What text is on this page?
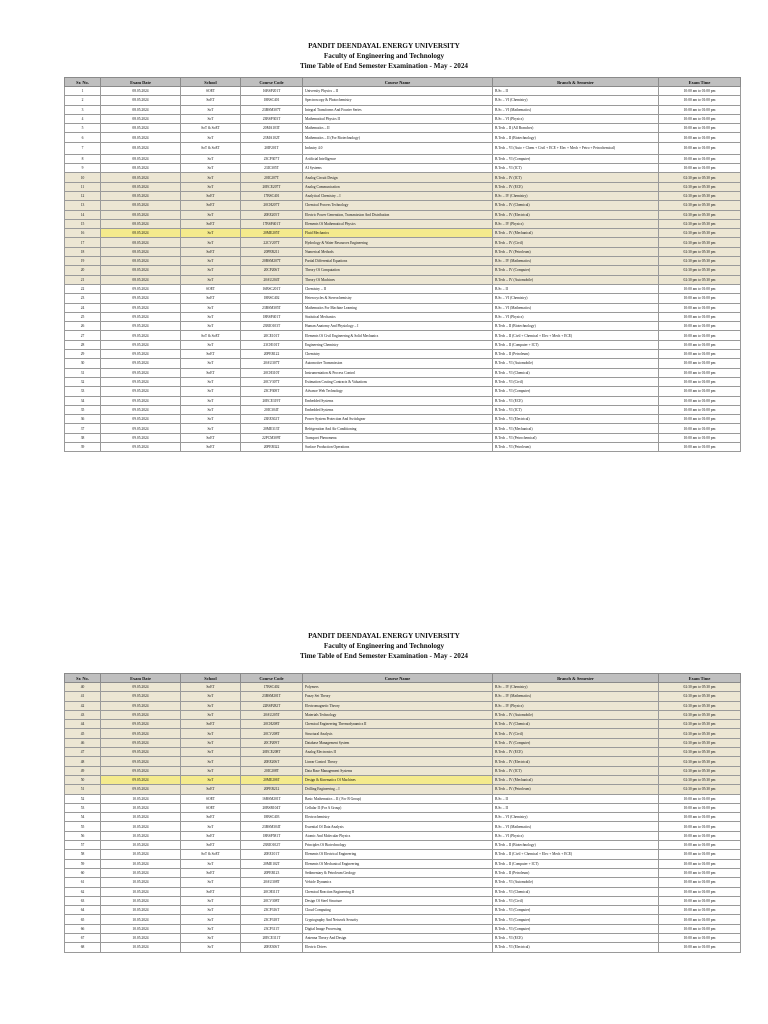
PANDIT DEENDAYAL ENERGY UNIVERSITY
Faculty of Engineering and Technology
Time Table of End Semester Examination - May - 2024
Sr. No.	Exam Date	School	Course Code	Course Name	Branch & Semester	Exam Time
1	08.05.2024	SOET	16BSP201T	University Physics – II	B.Sc – II	10:00 am to 01:00 pm
2	08.05.2024	SoET	18BSC401	Spectroscopy & Photochemistry	B.Sc – VI (Chemistry)	10:00 am to 01:00 pm
3	08.05.2024	SoT	23BSM307T	Integral Transforms And Fourier Series	B.Sc – VI (Mathematics)	10:00 am to 01:00 pm
4	08.05.2024	SoT	23BSP303T	Mathematical Physics II	B.Sc – VI (Physics)	10:00 am to 01:00 pm
5	08.05.2024	SoT & SoET	20MA103T	Mathematics – II	B.Tech – II (All Branches)	10:00 am to 01:00 pm
6	08.05.2024	SoT	23MA102T	Mathematics – II (For Biotechnology)	B.Tech – II (Biotechnology)	10:00 am to 01:00 pm
7	08.05.2024	SoT & SoET	20IF201T	Industry 4.0	B.Tech – VI (Auto + Chem + Civil + ECE + Elec + Mech + Petro + Petrochemical)	10:00 am to 01:00 pm
8	08.05.2024	SoT	23CP307T	Artificial Intelligence	B.Tech – VI (Computer)	10:00 am to 01:00 pm
9	08.05.2024	SoT	23IC305T	AI Systems	B.Tech – VI (ICT)	10:00 am to 01:00 pm
10	08.05.2024	SoT	20IC207T	Analog Circuit Design	B.Tech – IV (ICT)	02:30 pm to 05:30 pm
11	08.05.2024	SoT	20ECE207T	Analog Communication	B.Tech – IV (ECE)	02:30 pm to 05:30 pm
12	08.05.2024	SoET	17BSC401	Analytical Chemistry – I	B.Sc – IV (Chemistry)	02:30 pm to 05:30 pm
13	08.05.2024	SoET	20CH207T	Chemical Process Technology	B.Tech – IV (Chemical)	02:30 pm to 05:30 pm
14	08.05.2024	SoT	20EE205T	Electric Power Generation, Transmission And Distribution	B.Tech – IV (Electrical)	02:30 pm to 05:30 pm
15	08.05.2024	SoET	17BSP401T	Elements Of Mathematical Physics	B.Sc – IV (Physics)	02:30 pm to 05:30 pm
16	08.05.2024	SoT	20ME205T	Fluid Mechanics	B.Tech – IV (Mechanical)	02:30 pm to 05:30 pm
17	08.05.2024	SoT	22CV207T	Hydrology & Water Resources Engineering	B.Tech – IV (Civil)	02:30 pm to 05:30 pm
18	08.05.2024	SoET	20PEB211	Numerical Methods	B.Tech – IV (Petroleum)	02:30 pm to 05:30 pm
19	08.05.2024	SoT	20BSM207T	Partial Differential Equations	B.Sc – IV (Mathematics)	02:30 pm to 05:30 pm
20	08.05.2024	SoT	20CP206T	Theory Of Computation	B.Tech – IV (Computer)	02:30 pm to 05:30 pm
21	08.05.2024	SoT	20AU204T	Theory Of Machines	B.Tech – IV (Automobile)	02:30 pm to 05:30 pm
22	09.05.2024	SOET	16BSC201T	Chemistry – II	B.Sc – II	10:00 am to 01:00 pm
23	09.05.2024	SoET	18BSC402	Heterocycles & Stereochemistry	B.Sc – VI (Chemistry)	10:00 am to 01:00 pm
24	09.05.2024	SoT	23BSM305T	Mathematics For Machine Learning	B.Sc – VI (Mathematics)	10:00 am to 01:00 pm
25	09.05.2024	SoT	18BSP401T	Statistical Mechanics	B.Sc – VI (Physics)	10:00 am to 01:00 pm
26	09.05.2024	SoT	23BIO103T	Human Anatomy And Physiology – I	B.Tech – II (Biotechnology)	10:00 am to 01:00 pm
27	09.05.2024	SoT & SoET	20CE101T	Elements Of Civil Engineering & Solid Mechanics	B.Tech – II (Civil + Chemical + Elec + Mech + ECE)	10:00 am to 01:00 pm
28	09.05.2024	SoT	23CH101T	Engineering Chemistry	B.Tech – II (Computer + ICT)	10:00 am to 01:00 pm
29	09.05.2024	SoET	20PEB122	Chemistry	B.Tech – II (Petroleum)	10:00 am to 01:00 pm
30	09.05.2024	SoT	20AU307T	Automotive Transmission	B.Tech – VI (Automobile)	10:00 am to 01:00 pm
31	09.05.2024	SoET	20CH310T	Instrumentation & Process Control	B.Tech – VI (Chemical)	10:00 am to 01:00 pm
32	09.05.2024	SoT	20CV307T	Estimation Costing Contracts & Valuations	B.Tech – VI (Civil)	10:00 am to 01:00 pm
33	09.05.2024	SoT	23CP308T	Advance Web Technology	B.Tech – VI (Computer)	10:00 am to 01:00 pm
34	09.05.2024	SoT	20ECE319T	Embedded Systems	B.Tech – VI (ECE)	10:00 am to 01:00 pm
35	09.05.2024	SoT	20IC304T	Embedded Systems	B.Tech – VI (ICT)	10:00 am to 01:00 pm
36	09.05.2024	SoT	23EE302T	Power System Protection And Switchgear	B.Tech – VI (Electrical)	10:00 am to 01:00 pm
37	09.05.2024	SoT	20ME313T	Refrigeration And Air Conditioning	B.Tech – VI (Mechanical)	10:00 am to 01:00 pm
38	09.05.2024	SoET	22PCM309T	Transport Phenomena	B.Tech – VI (Petrochemical)	10:00 am to 01:00 pm
39	09.05.2024	SoET	20PEB322	Surface Production Operations	B.Tech – VI (Petroleum)	10:00 am to 01:00 pm
PANDIT DEENDAYAL ENERGY UNIVERSITY
Faculty of Engineering and Technology
Time Table of End Semester Examination - May - 2024
Sr. No.	Exam Date	School	Course Code	Course Name	Branch & Semester	Exam Time
40	09.05.2024	SoET	17BSC402	Polymers	B.Sc – IV (Chemistry)	02:30 pm to 05:30 pm
41	09.05.2024	SoT	23BSM201T	Fuzzy Set Theory	B.Sc – IV (Mathematics)	02:30 pm to 05:30 pm
42	09.05.2024	SoT	22BSP282T	Electromagnetic Theory	B.Sc – IV (Physics)	02:30 pm to 05:30 pm
43	09.05.2024	SoT	20AU205T	Materials Technology	B.Tech – IV (Automobile)	02:30 pm to 05:30 pm
44	09.05.2024	SoET	20CH208T	Chemical Engineering Thermodynamics II	B.Tech – IV (Chemical)	02:30 pm to 05:30 pm
45	09.05.2024	SoT	20CV208T	Structural Analysis	B.Tech – IV (Civil)	02:30 pm to 05:30 pm
46	09.05.2024	SoT	20CP209T	Database Management System	B.Tech – IV (Computer)	02:30 pm to 05:30 pm
47	09.05.2024	SoT	20ECE208T	Analog Electronics II	B.Tech – IV (ECE)	02:30 pm to 05:30 pm
48	09.05.2024	SoT	20EE206T	Linear Control Theory	B.Tech – IV (Electrical)	02:30 pm to 05:30 pm
49	09.05.2024	SoT	20IC208T	Data Base Management Systems	B.Tech – IV (ICT)	02:30 pm to 05:30 pm
50	09.05.2024	SoT	20ME206T	Design & Kinematics Of Machines	B.Tech – IV (Mechanical)	02:30 pm to 05:30 pm
51	09.05.2024	SoET	20PEB212	Drilling Engineering – I	B.Tech – IV (Petroleum)	02:30 pm to 05:30 pm
52	10.05.2024	SOET	16BSM201T	Basic Mathematics – II ( For B Group)	B.Sc – II	10:00 am to 01:00 pm
53	10.05.2024	SOET	20BSB104T	Cellular II (For A Group)	B.Sc – II	10:00 am to 01:00 pm
54	10.05.2024	SoET	18BSC403	Electrochemistry	B.Sc – VI (Chemistry)	10:00 am to 01:00 pm
55	10.05.2024	SoT	23BSM304T	Essential Of Data Analysis	B.Sc – VI (Mathematics)	10:00 am to 01:00 pm
56	10.05.2024	SoET	18BSP581T	Atomic And Molecular Physics	B.Sc – VI (Physics)	10:00 am to 01:00 pm
57	10.05.2024	SoET	23BIO102T	Principles Of Biotechnology	B.Tech – II (Biotechnology)	10:00 am to 01:00 pm
58	10.05.2024	SoT & SoET	20EE101T	Elements Of Electrical Engineering	B.Tech – II (Civil + Chemical + Elec + Mech + ECE)	10:00 am to 01:00 pm
59	10.05.2024	SoT	20ME102T	Elements Of Mechanical Engineering	B.Tech – II (Computer + ICT)	10:00 am to 01:00 pm
60	10.05.2024	SoET	20PEB123	Sedimentary & Petroleum Geology	B.Tech – II (Petroleum)	10:00 am to 01:00 pm
61	10.05.2024	SoT	20AU308T	Vehicle Dynamics	B.Tech – VI (Automobile)	10:00 am to 01:00 pm
62	10.05.2024	SoET	20CH311T	Chemical Reaction Engineering II	B.Tech – VI (Chemical)	10:00 am to 01:00 pm
63	10.05.2024	SoT	20CV308T	Design Of Steel Structure	B.Tech – VI (Civil)	10:00 am to 01:00 pm
64	10.05.2024	SoT	23CP316T	Cloud Computing	B.Tech – VI (Computer)	10:00 am to 01:00 pm
65	10.05.2024	SoT	23CP318T	Cryptography And Network Security	B.Tech – VI (Computer)	10:00 am to 01:00 pm
66	10.05.2024	SoT	23CP311T	Digital Image Processing	B.Tech – VI (Computer)	10:00 am to 01:00 pm
67	10.05.2024	SoT	20ECE311T	Antenna Theory And Design	B.Tech – VI (ECE)	10:00 am to 01:00 pm
68	10.05.2024	SoT	20EE306T	Electric Drives	B.Tech – VI (Electrical)	10:00 am to 01:00 pm
